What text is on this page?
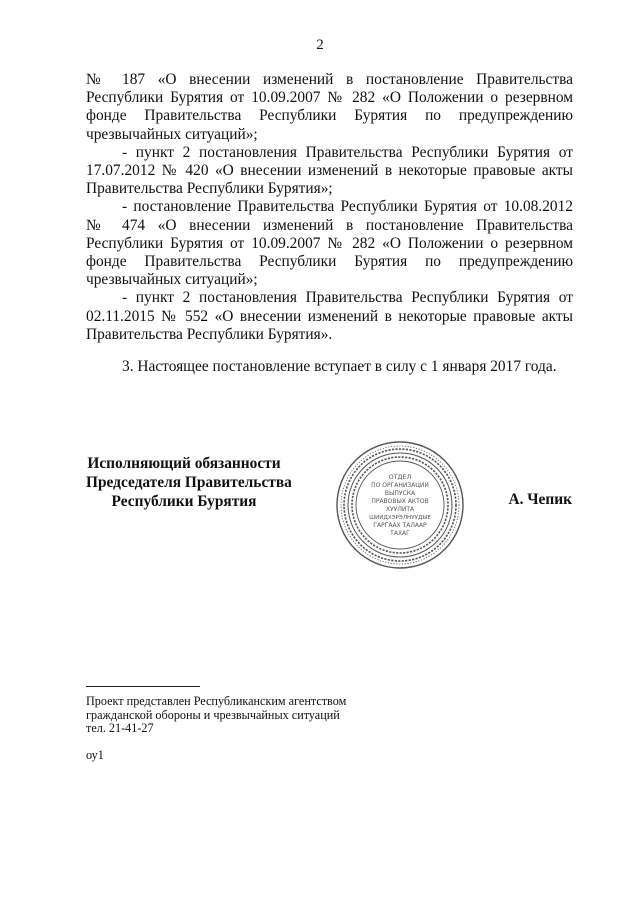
2

№ 187 «О внесении изменений в постановление Правительства Республики Бурятия от 10.09.2007 № 282 «О Положении о резервном фонде Правительства Республики Бурятия по предупреждению чрезвычайных ситуаций»;

- пункт 2 постановления Правительства Республики Бурятия от 17.07.2012 № 420 «О внесении изменений в некоторые правовые акты Правительства Республики Бурятия»;

- постановление Правительства Республики Бурятия от 10.08.2012 № 474 «О внесении изменений в постановление Правительства Республики Бурятия от 10.09.2007 № 282 «О Положении о резервном фонде Правительства Республики Бурятия по предупреждению чрезвычайных ситуаций»;

- пункт 2 постановления Правительства Республики Бурятия от 02.11.2015 № 552 «О внесении изменений в некоторые правовые акты Правительства Республики Бурятия».

3. Настоящее постановление вступает в силу с 1 января 2017 года.

Исполняющий обязанности
Председателя Правительства
Республики Бурятия
ОТДЕЛ
ПО ОРГАНИЗАЦИИ
ВЫПУСКА
ПРАВОВЫХ АКТОВ
ХУУЛИТА
ШИИДХЭРЭЛНУУДЫЕ
ГАРГААХ ТАЛААР
ТАХАГ
А. Чепик
Проект представлен Республиканским агентством
гражданской обороны и чрезвычайных ситуаций
тел. 21-41-27
оу1
